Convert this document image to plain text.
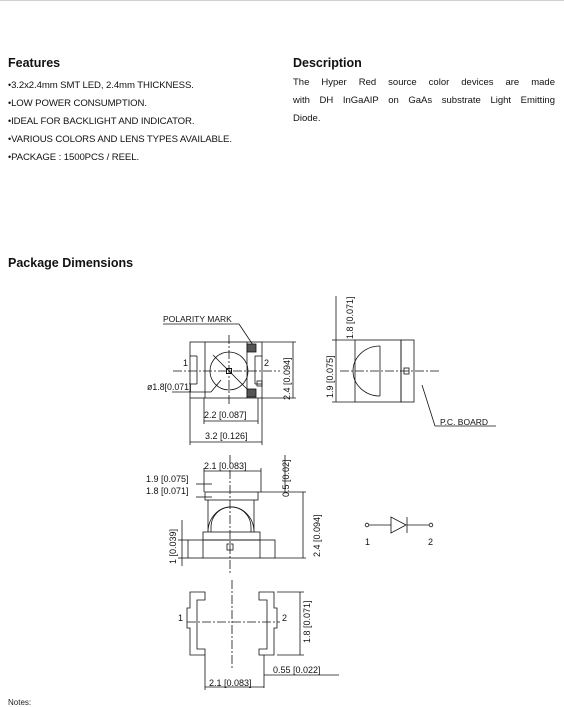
Features
• 3.2x2.4mm SMT LED, 2.4mm THICKNESS.
• LOW POWER CONSUMPTION.
• IDEAL FOR BACKLIGHT AND INDICATOR.
• VARIOUS COLORS AND LENS TYPES AVAILABLE.
• PACKAGE : 1500PCS / REEL.
Description
The Hyper Red source color devices are made
with DH InGaAIP on GaAs substrate Light Emitting
Diode.
Package Dimensions
POLARITY MARK
1	2
ø1.8[0.071]
2.2 [0.087]
3.2 [0.126]
2.4 [0.094]
1.8 [0.071]
1.9 [0.075]
P.C. BOARD
2.1 [0.083]
1.9 [0.075]
1.8 [0.071]	0.5 [0.02]
2.4 [0.094]
1 [0.039]	1	2
1	2 1.8 [0.071]
0.55 [0.022]
2.1 [0.083]
Notes:
